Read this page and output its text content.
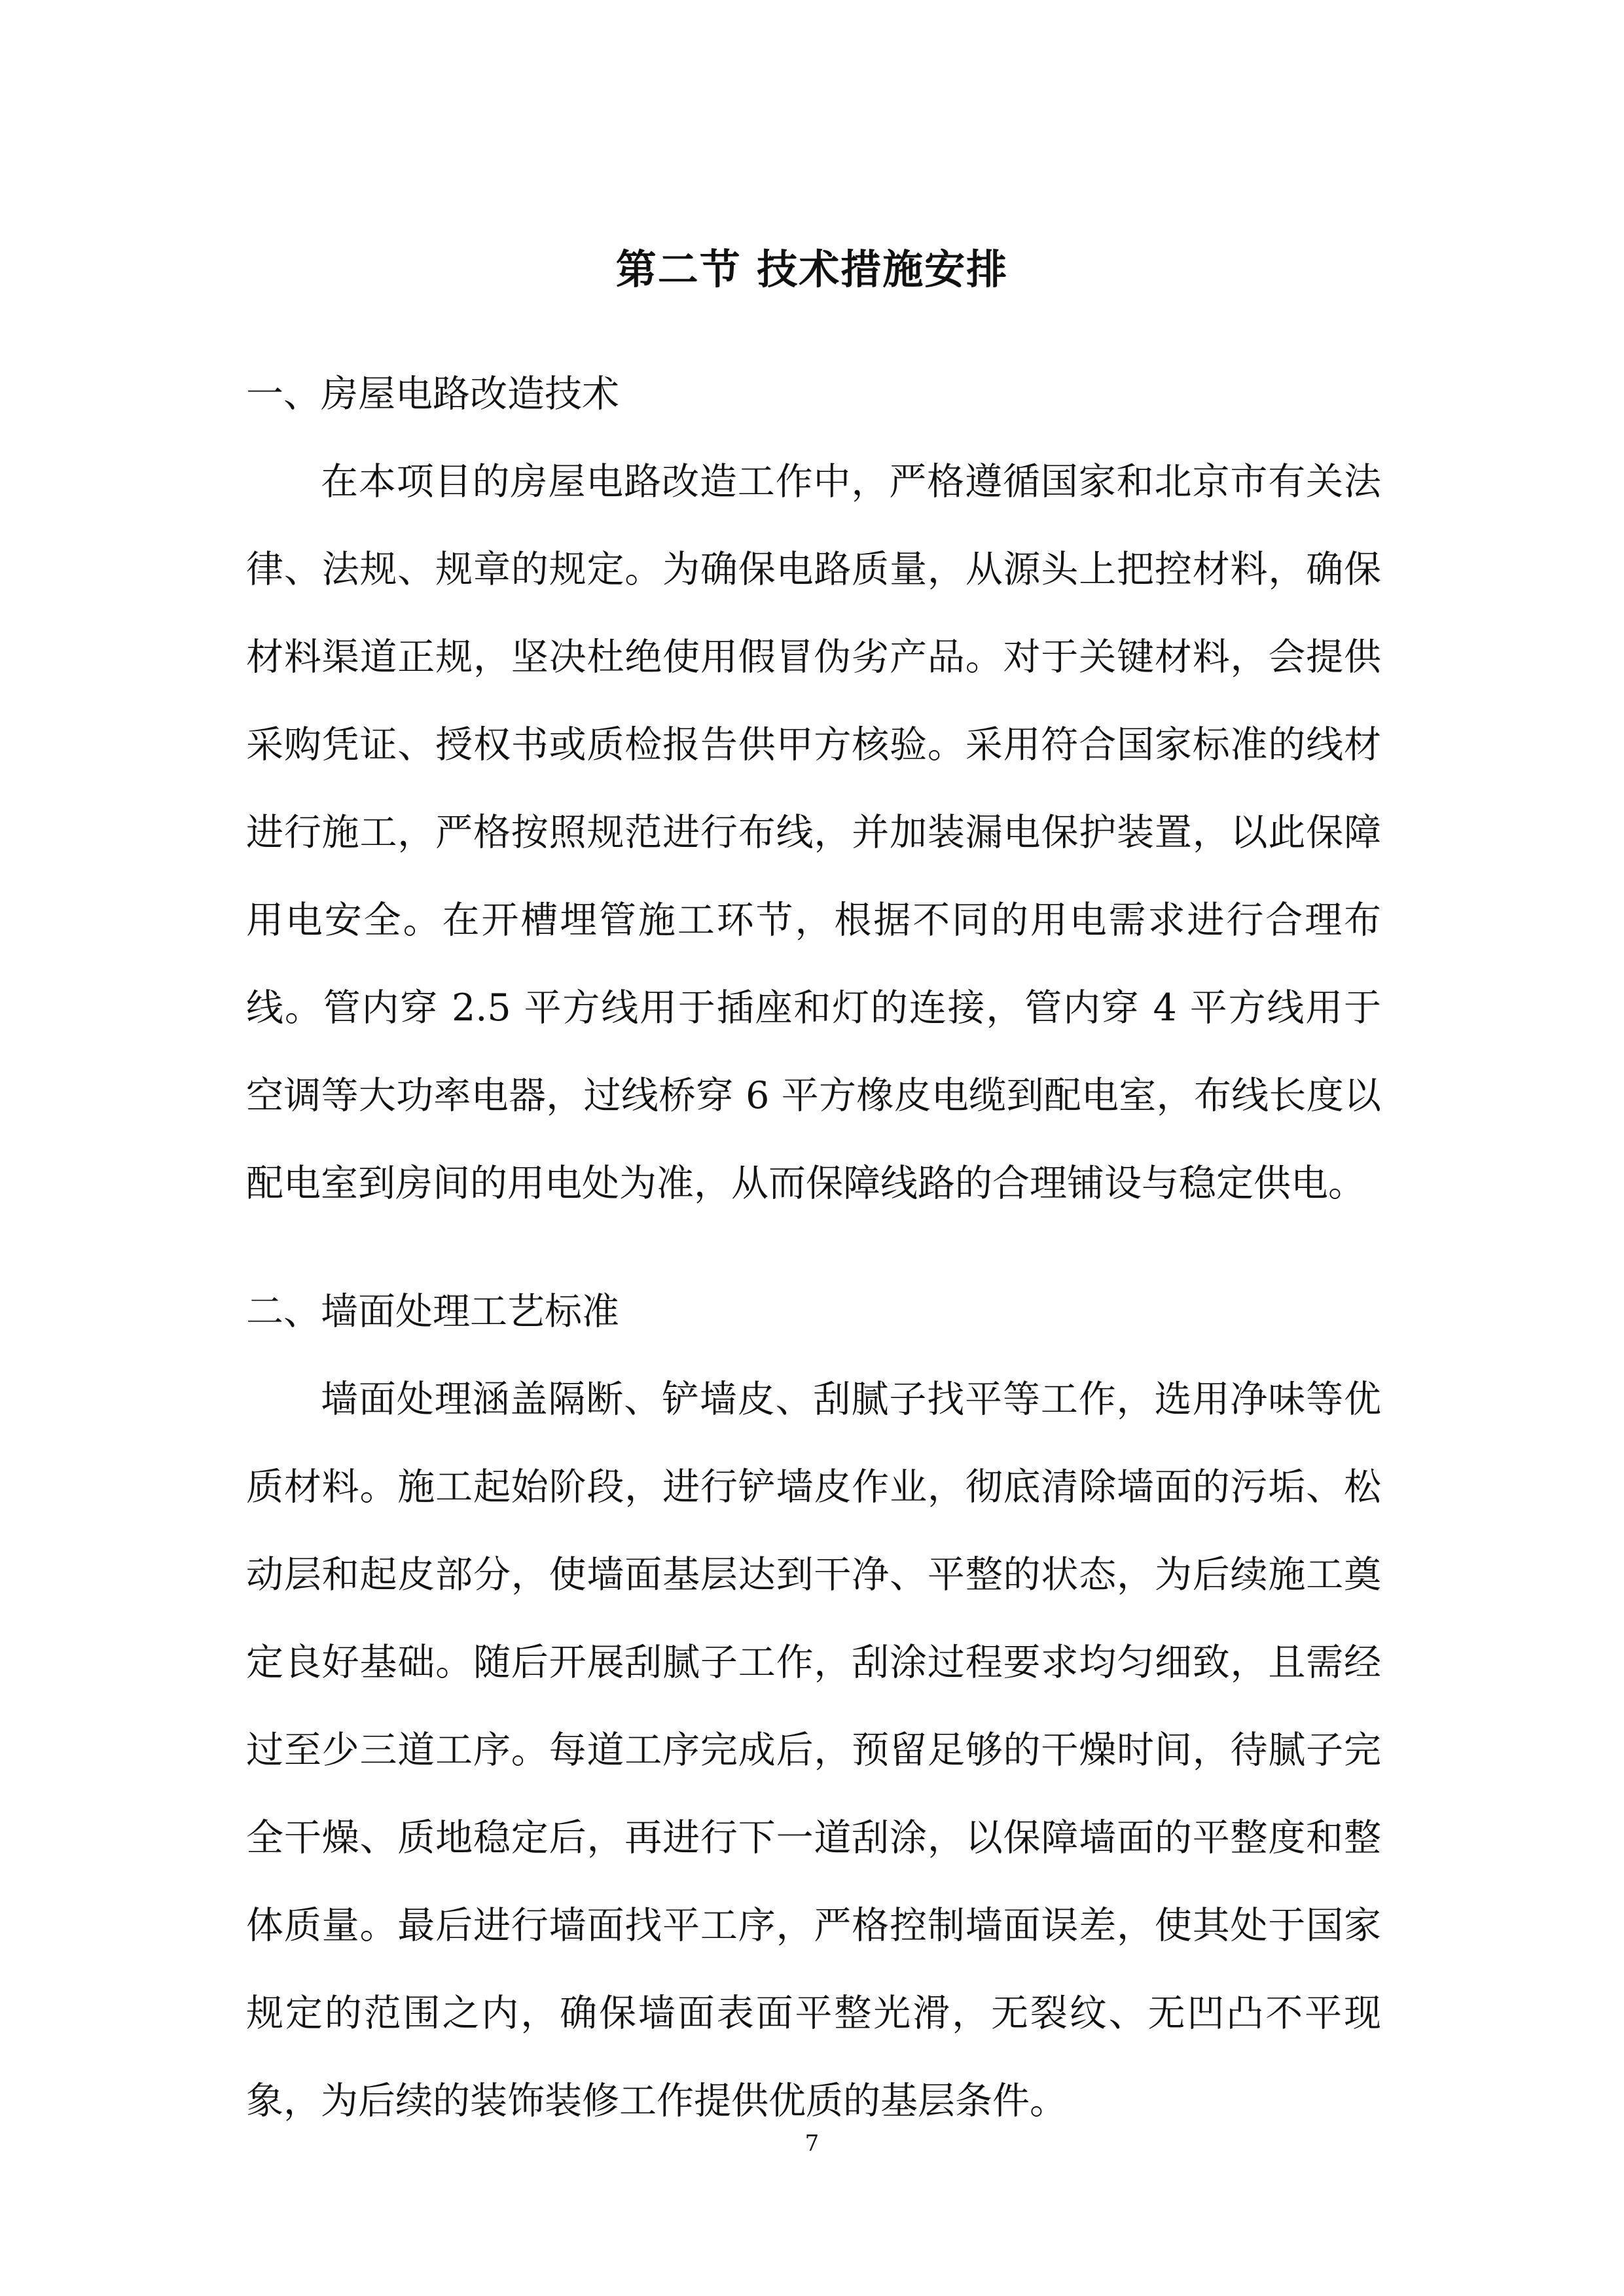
第二节 技术措施安排
一、房屋电路改造技术

在本项目的房屋电路改造工作中，严格遵循国家和北京市有关法律、法规、规章的规定。为确保电路质量，从源头上把控材料，确保材料渠道正规，坚决杜绝使用假冒伪劣产品。对于关键材料，会提供采购凭证、授权书或质检报告供甲方核验。采用符合国家标准的线材进行施工，严格按照规范进行布线，并加装漏电保护装置，以此保障用电安全。在开槽埋管施工环节，根据不同的用电需求进行合理布线。管内穿 2.5 平方线用于插座和灯的连接，管内穿 4 平方线用于空调等大功率电器，过线桥穿 6 平方橡皮电缆到配电室，布线长度以配电室到房间的用电处为准，从而保障线路的合理铺设与稳定供电。

二、墙面处理工艺标准

墙面处理涵盖隔断、铲墙皮、刮腻子找平等工作，选用净味等优质材料。施工起始阶段，进行铲墙皮作业，彻底清除墙面的污垢、松动层和起皮部分，使墙面基层达到干净、平整的状态，为后续施工奠定良好基础。随后开展刮腻子工作，刮涂过程要求均匀细致，且需经过至少三道工序。每道工序完成后，预留足够的干燥时间，待腻子完全干燥、质地稳定后，再进行下一道刮涂，以保障墙面的平整度和整体质量。最后进行墙面找平工序，严格控制墙面误差，使其处于国家规定的范围之内，确保墙面表面平整光滑，无裂纹、无凹凸不平现象，为后续的装饰装修工作提供优质的基层条件。

7
